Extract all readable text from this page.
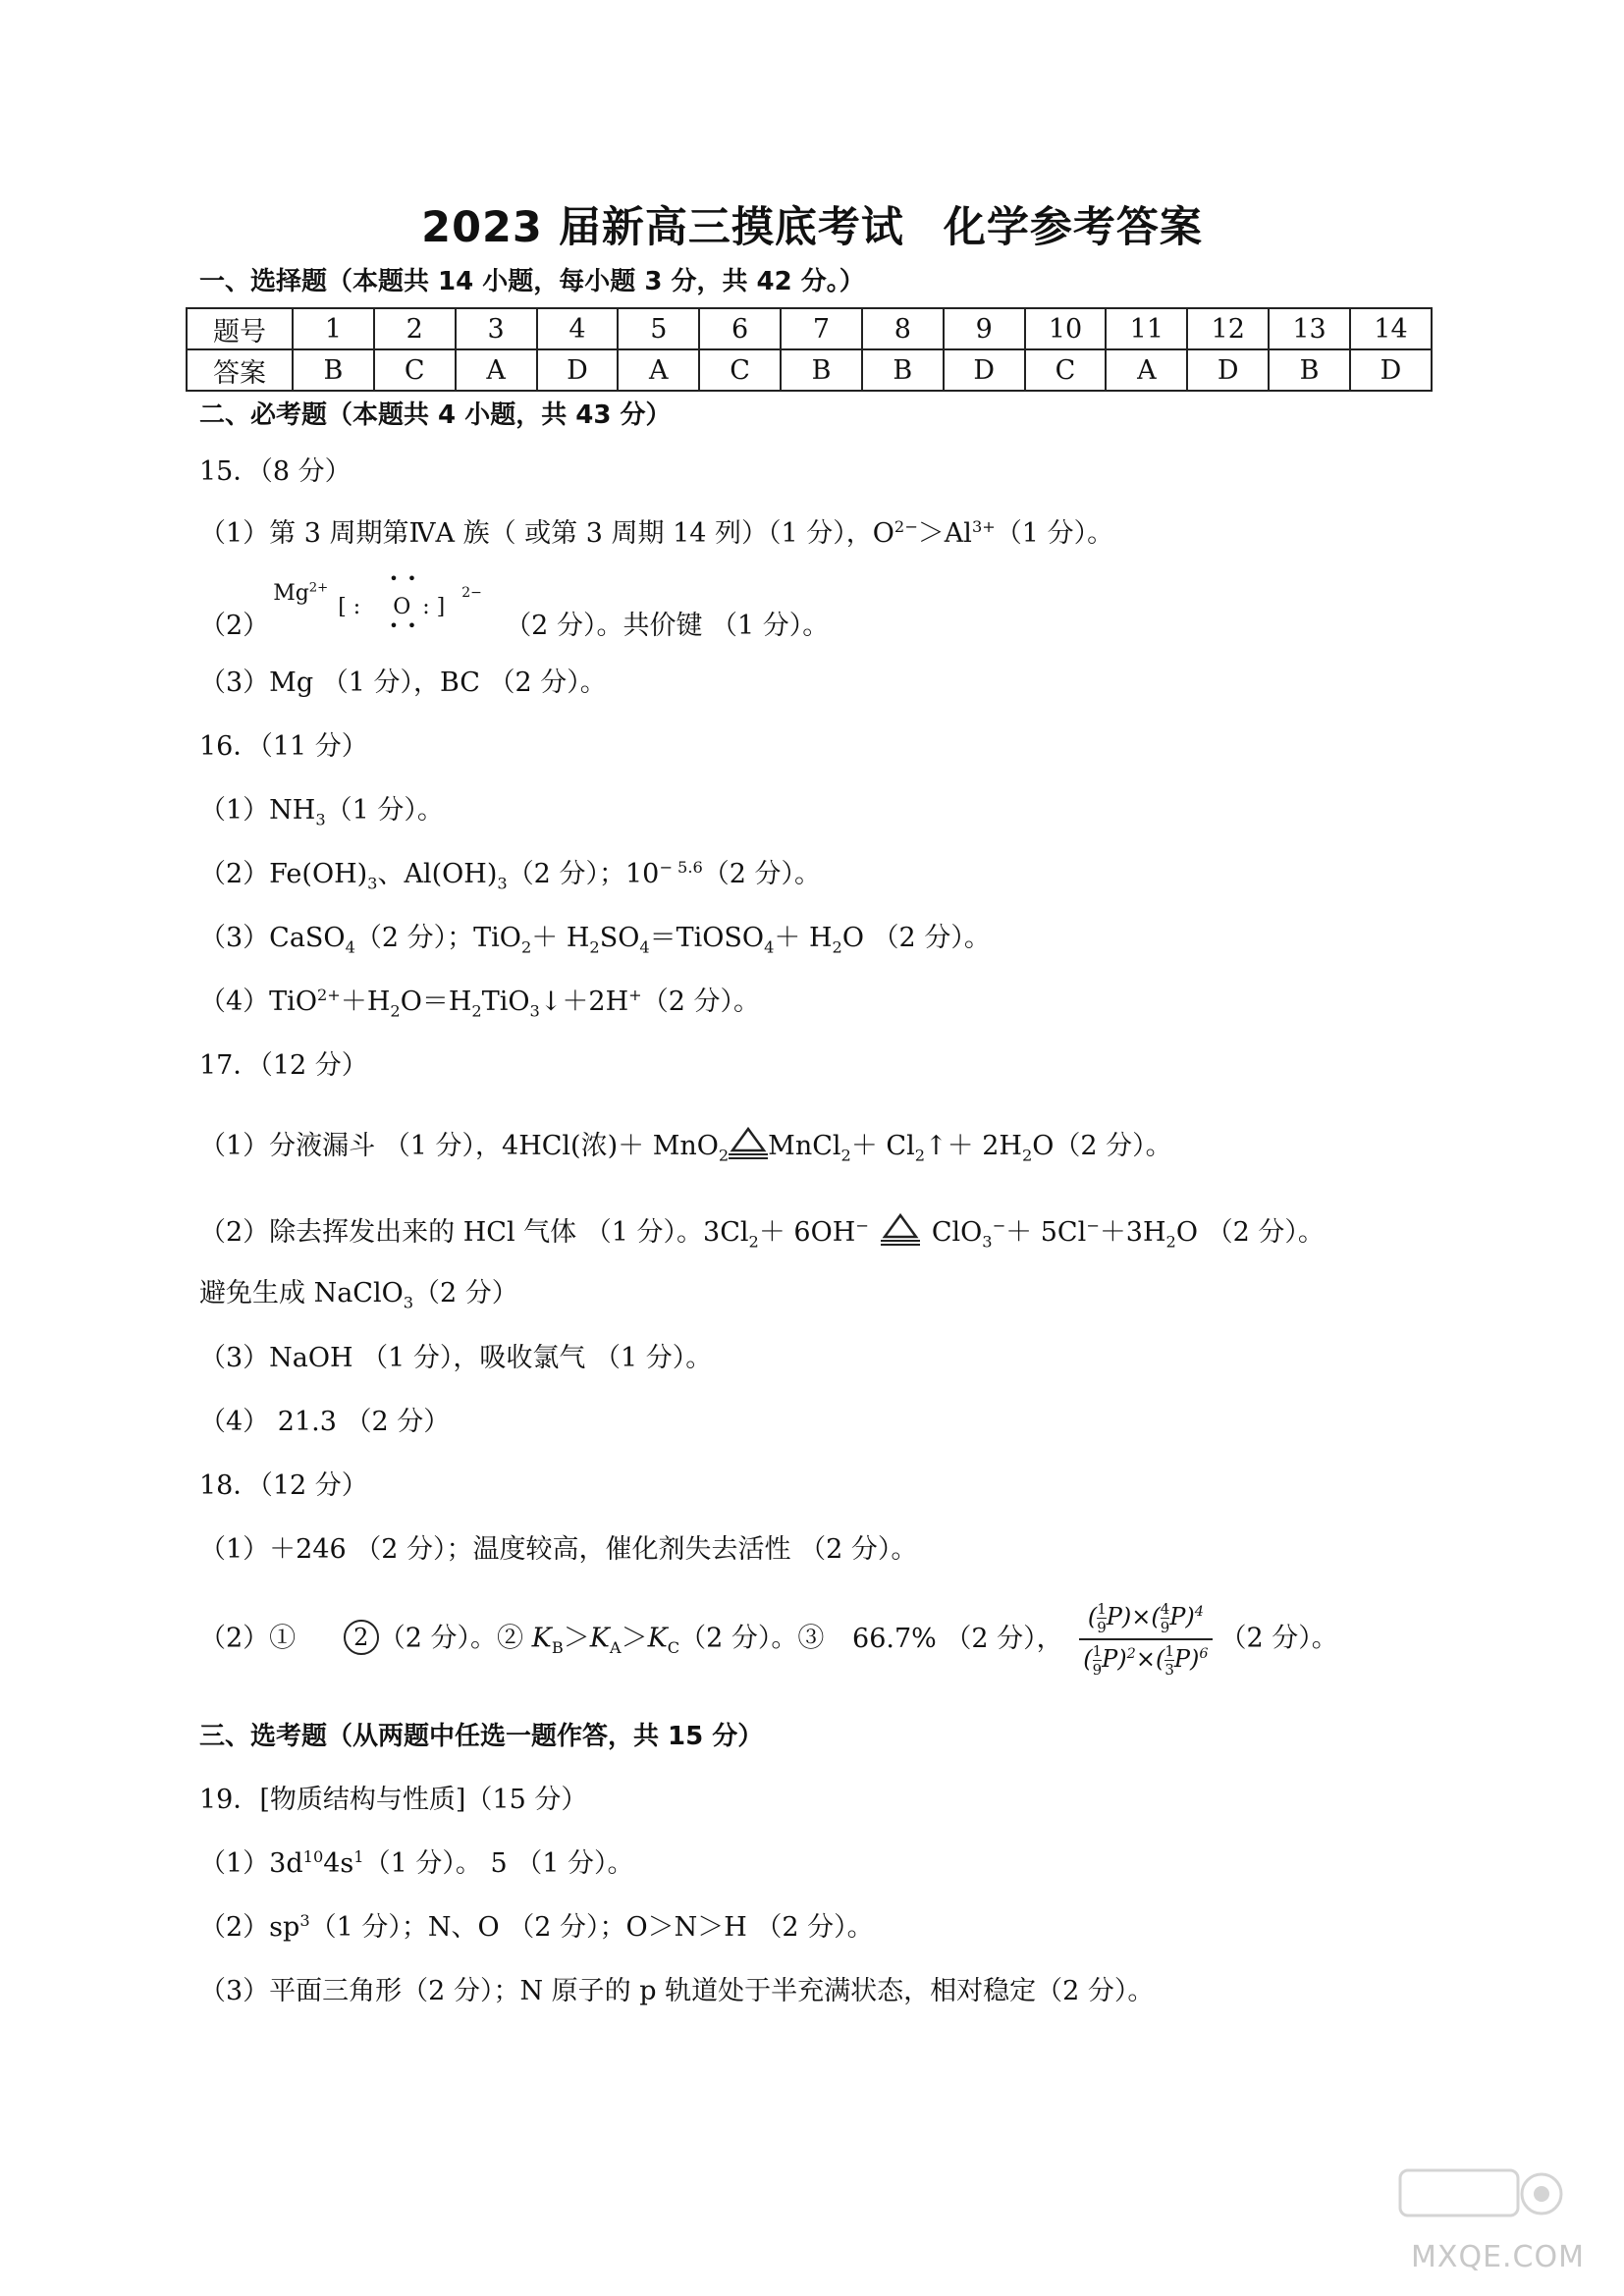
2023 届新高三摸底考试 化学参考答案
一、选择题（本题共 14 小题，每小题 3 分，共 42 分。）
题号	1	2	3	4	5	6	7	8	9	10	11	12	13	14
答案	B	C	A	D	A	C	B	B	D	C	A	D	B	D
二、必考题（本题共 4 小题，共 43 分）
15．（8 分）
（1）第 3 周期第ⅣA 族（ 或第 3 周期 14 列）（1 分），$O^{2-}>Al^{3+}(1$ 分）。
（2）
$Mg^{2+}$
[ :
• •
O
• •
: ]
2−
（2 分）。共价键 （1 分）。
（3）Mg （1 分），BC （2 分）。
16．（11 分）
$(1)NH_3(1$ 分）。
$(2)Fe(OH)_3$、$Al(OH)_3(2$ 分）；$10^{- 5.6}(2$ 分）。
（3）CaSO$_4$（2 分）；$TiO_2+ H_2SO_4=TiOSO_4+ H_2O$ （2 分）。
$(4)TiO^{2+}+H_2O=H_2TiO_3↓+2H^+(2$ 分）。
17．（12 分）
（1）分液漏斗 （1 分），4HCl(浓)＋ MnO$_2$ MnCl$_2$＋ $Cl_2↑+ 2H_2O(2$ 分）。
（2）除去挥发出来的 HCl 气体 （1 分）。$3Cl_2+ 6OH^-$ $ClO_3^-+ 5Cl^-+3H_2O$ （2 分）。
避免生成 NaClO$_3$（2 分）
（3）NaOH （1 分），吸收氯气 （1 分）。
（4） 21.3 （2 分）
18．（12 分）
（1）＋246 （2 分）；温度较高，催化剂失去活性 （2 分）。
（2）① 2 （2 分）。② $K_B>K_A>K_C(2$ 分）。③ 66.7% （2 分）， $\frac{( \frac{1}{9} P)\times( \frac{4}{9} P)^4}{( \frac{1}{9} P)^2\times( \frac{1}{3} P)^6} (2$ 分）。
三、选考题（从两题中任选一题作答，共 15 分）
19．[物质结构与性质]（15 分）
$(1)3d^{10}4s^1(1$ 分）。 5 （1 分）。
$(2)sp^3(1$ 分）；N、O （2 分）；O＞N＞H （2 分）。
（3）平面三角形（2 分）；N 原子的 p 轨道处于半充满状态，相对稳定（2 分）。
MXQE.COM
